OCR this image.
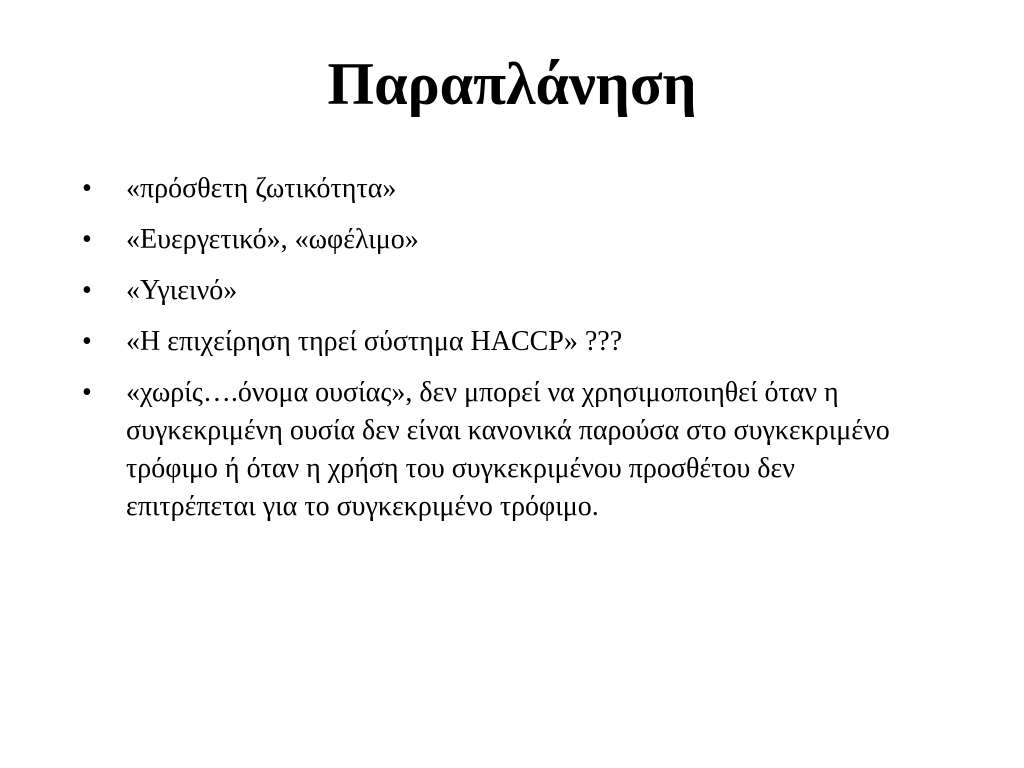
Παραπλάνηση
•	«πρόσθετη ζωτικότητα»
•	«Ευεργετικό», «ωφέλιμο»
•	«Υγιεινό»
•	«Η επιχείρηση τηρεί σύστημα HACCP» ???
•	«χωρίς….όνομα ουσίας», δεν μπορεί να χρησιμοποιηθεί όταν η συγκεκριμένη ουσία δεν είναι κανονικά παρούσα στο συγκεκριμένο τρόφιμο ή όταν η χρήση του συγκεκριμένου προσθέτου δεν επιτρέπεται για το συγκεκριμένο τρόφιμο.
